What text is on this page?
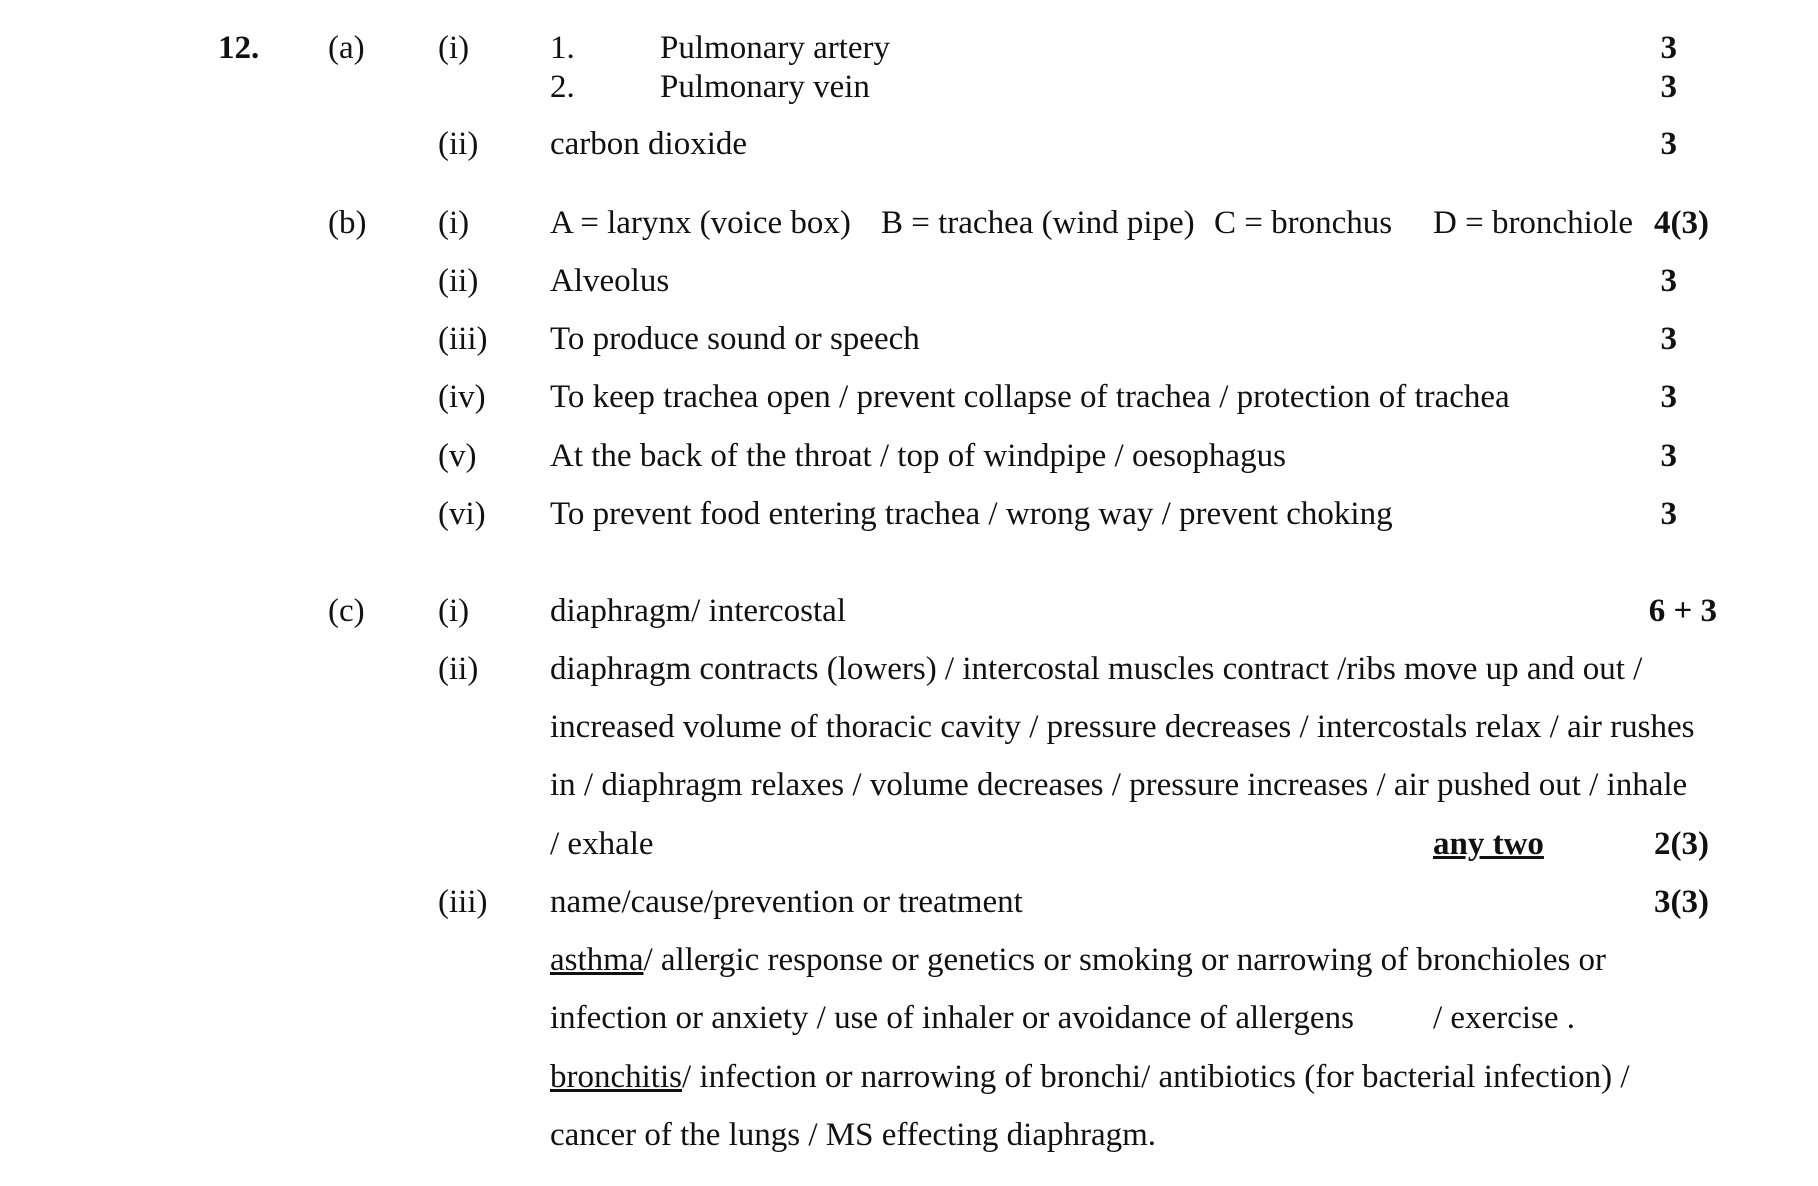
12. (a) (i) 1.	Pulmonary artery	3
2.	Pulmonary vein	3
(ii) carbon dioxide	3
(b) (i) A = larynx (voice box) B = trachea (wind pipe) C = bronchus D = bronchiole 4(3)
(ii) Alveolus	3
(iii) To produce sound or speech	3
(iv) To keep trachea open / prevent collapse of trachea / protection of trachea	3
(v) At the back of the throat / top of windpipe / oesophagus	3
(vi) To prevent food entering trachea / wrong way / prevent choking	3
(c) (i) diaphragm/ intercostal	6 + 3
(ii) diaphragm contracts (lowers) / intercostal muscles contract /ribs move up and out /
increased volume of thoracic cavity / pressure decreases / intercostals relax / air rushes
in / diaphragm relaxes / volume decreases / pressure increases / air pushed out / inhale
/ exhale	any two	2(3)
(iii) name/cause/prevention or treatment	3(3)
asthma/ allergic response or genetics or smoking or narrowing of bronchioles or
infection or anxiety / use of inhaler or avoidance of allergens / exercise .
bronchitis/ infection or narrowing of bronchi/ antibiotics (for bacterial infection) /
cancer of the lungs / MS effecting diaphragm.
